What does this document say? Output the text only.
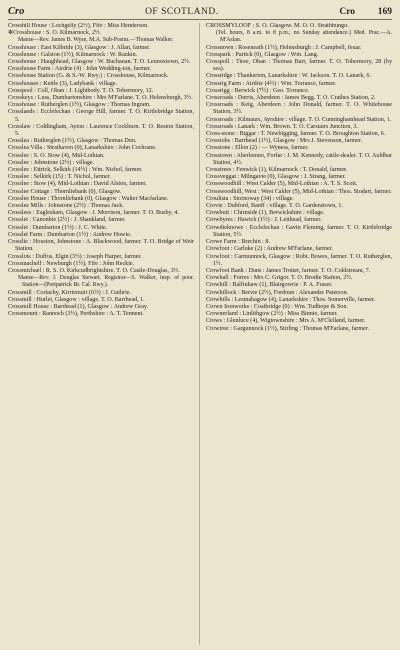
Cro	OF SCOTLAND.	Cro 169

Crosshill House : Lochgelly (2½), Fife : Miss Henderson.

✻Crosshouse : S. O. Kilmarnock, 2½.

Manse—Rev. James B. Wyse, M.A. Sub-Postm.—Thomas Walker.

Crosshouse : East Kilbride (3), Glasgow : J. Allan, farmer.

Crosshouse : Galston (1½), Kilmarnock : W. Rankin.

Crosshouse : Haughhead, Glasgow : W. Buchanan. T. O. Lennoxtown, 2½.

Crosshouse Farm : Airdrie (4) : John Wedding-ton, farmer.

Crosshouse Station (G. & S.-W. Rwy.) : Crosshouse, Kilmarnock.

Crosshouses : Kettle (3), Ladybank : village.

Crosspool : Coll, Oban : J. Lightbody. T. O. Tobermory, 12.

Crosskeys : Luss, Dumbartonshire : Mrs M'Farlane. T. O. Helensburgh, 3½.

Crosshouse : Rutherglen (1½), Glasgow : Thomas Ingram.

Crosslands : Ecclefechan : George Hill, farmer. T. O. Kirtlebridge Station, 5.

Crosslaw : Coldingham, Ayton : Laurence Cockburn. T. O. Reston Station, 5.

Crosslea : Rutherglen (1½), Glasgow : Thomas Dun.

Crosslea Villa : Strathaven (0), Lanarkshire : John Cochrane.

Crosslee : S. O. Stow (4), Mid-Lothian.

Crosslee : Johnstone (2½) : village.

Crosslee : Ettrick, Selkirk (14½) : Wm. Nichol, farmer.

Crosslee : Selkirk (15) : T. Nichol, farmer.

Crosslee : Stow (4), Mid-Lothian : David Alston, farmer.

Crosslee Cottage : Thornliebank (0), Glasgow.

Crosslee House : Thornliebank (0), Glasgow : Walter Macfarlane.

Crosslee Mills : Johnstone (2½) : Thomas Jack.

Crosslees : Eaglesham, Glasgow : J. Morrison, farmer. T. O. Busby, 4.

Crosslet : Canonbie (2½) : J. Shankland, farmer.

Crosslet : Dumbarton (1½) : J. C. White.

Crosslet Farm : Dumbarton (1½) : Andrew Howie.

Crosslie : Houston, Johnstone : A. Blackwood, farmer. T. O. Bridge of Weir Station.

Crosslots : Duffus, Elgin (3½) : Joseph Harper, farmer.

Crossmachelf : Newburgh (1½), Fife : John Reckie.

Crossmichael : R. S. O. Kirkcudbrightshire. T. O. Castle-Douglas, 3½.

Manse—Rev. J. Douglas Stewart. Registrar—S. Walker, insp. of poor. Station—(Portpatrick Br. Cal. Rwy.).

Crossmill : Cortachy, Kirriemuir (6½) : J. Guthrie.

Crossmill : Hurlet, Glasgow : village. T. O. Barrhead, 1.

Crossmill House : Barrhead (1), Glasgow : Andrew Gray.

Crossmount : Rannoch (3½), Perthshire : A. T. Tennent.

CROSSMYLOOF : S. O. Glasgow. M. O. O. Strathbungo.

(Tel. hours, 8 a.m. to 8 p.m.; no Sunday attendance.) Med. Prac.—A. M'Aslan.

Crossnown : Roseneath (1½), Helensburgh : J. Campbell, feuar.

Crosspark : Partick (0), Glasgow : Wm. Lang.

Crosspoll : Tiree, Oban : Thomas Barr, farmer. T. O. Tobermory, 28 (by sea).

Crossridge : Thankerton, Lanarkshire : W. Jackson. T. O. Lanark, 6.

Crossrig Farm : Airdrie (4½) : Wm. Torrance, farmer.

Crossrigg : Berwick (7½) : Geo. Torrance.

Crossroads : Durris, Aberdeen : James Begg. T. O. Crathes Station, 2.

Crossroads : Keig, Aberdeen : John Donald, farmer. T. O. Whitehouse Station, 3½.

Crossroads : Kilmaurs, Ayrshire : village. T. O. Cunninghamhead Station, 1.

Crossroads : Lanark : Wm. Brown. T. O. Carstairs Junction, 3.

Cross-stone : Biggar : T. Newbigging, farmer. T. O. Broughton Station, 6.

Crosstobs : Barrhead (1½), Glasgow : Mrs J. Stevenson, farmer.

Crosstone : Ellon (2) : — Wyness, farmer.

Crosstown : Aberlemno, Forfar : J. M. Kennedy, cattle-dealer. T. O. Auldbar Station, 4½.

Crosstrees : Fenwick (1), Kilmarnock : T. Donald, farmer.

Crossveggat : Milngavie (0), Glasgow : J. Strang, farmer.

Crosswoodhill : West Calder (5), Mid-Lothian : A. T. S. Scott.

Crosswoodhill, West : West Calder (5), Mid-Lothian : Thos. Stodart, farmer.

Croulista : Stornoway (34) : village.

Crovie : Dubford, Banff : village. T. O. Gardenstown, 1.

Crowbutt : Chirnside (1), Berwickshire : village.

Crowbyres : Hawick (1½) : J. Leithead, farmer.

Crowdieknowe : Ecclefechan : Gavin Fleming, farmer. T. O. Kirtlebridge Station, 5½.

Crowe Farm : Brechin : 8.

Crowfoot : Carluke (2) : Andrew M'Farlane, farmer.

Crowfoot : Carmunnock, Glasgow : Robt. Bowes, farmer. T. O. Rutherglen, 1½.

Crowfoot Bank : Duns : James Trotter, farmer. T. O. Coldstream, 7.

Crowhall : Forres : Mrs C. Grigor. T. O. Brodie Station, 2½.

Crowhill : Balfinhaw (1), Blairgowrie : P. A. Fraser.

Crowhillock : Bervie (2½), Fordoun : Alexander Paterson.

Crowhills : Lesmahagow (4), Lanarkshire : Thos. Somerville, farmer.

Crown Ironworks : Coatbridge (0) : Wm. Tudhope & Son.

Crownerland : Linlithgow (2½) : Miss Binnie, farmer.

Crows : Glenluce (4), Wigtownshire : Mrs A. M'Clelland, farmer.

Crowtree : Gargunnock (1½), Stirling : Thomas M'Farlane, farmer.
